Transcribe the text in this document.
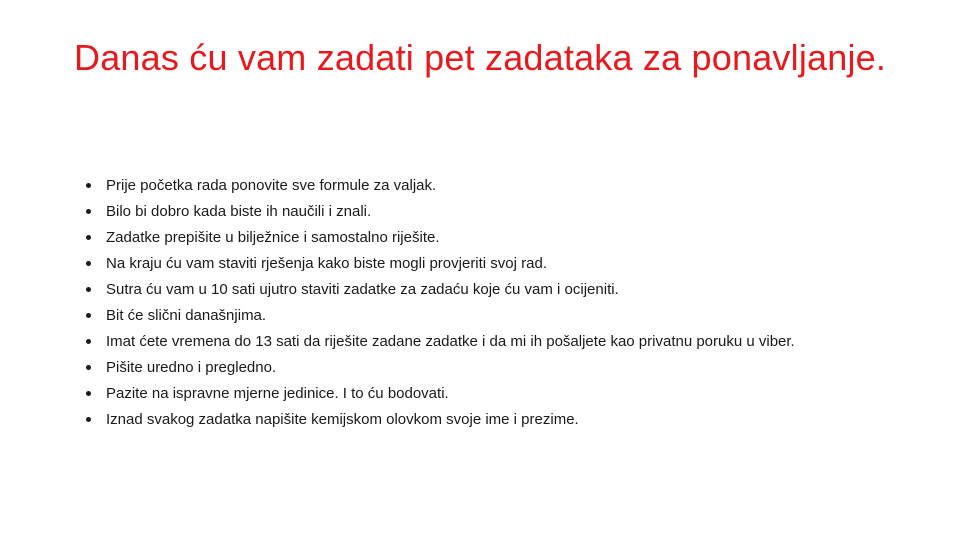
Danas ću vam zadati pet zadataka za ponavljanje.
Prije početka rada ponovite sve formule za valjak.
Bilo bi dobro kada biste ih naučili i znali.
Zadatke prepišite u bilježnice i samostalno riješite.
Na kraju ću vam staviti rješenja kako biste mogli provjeriti svoj rad.
Sutra ću vam u 10 sati ujutro staviti zadatke za zadaću koje ću vam i ocijeniti.
Bit će slični današnjima.
Imat ćete vremena do 13 sati da riješite zadane zadatke i da mi ih pošaljete kao privatnu poruku u viber.
Pišite uredno i pregledno.
Pazite na ispravne mjerne jedinice. I to ću bodovati.
Iznad svakog zadatka napišite kemijskom olovkom svoje ime i prezime.
